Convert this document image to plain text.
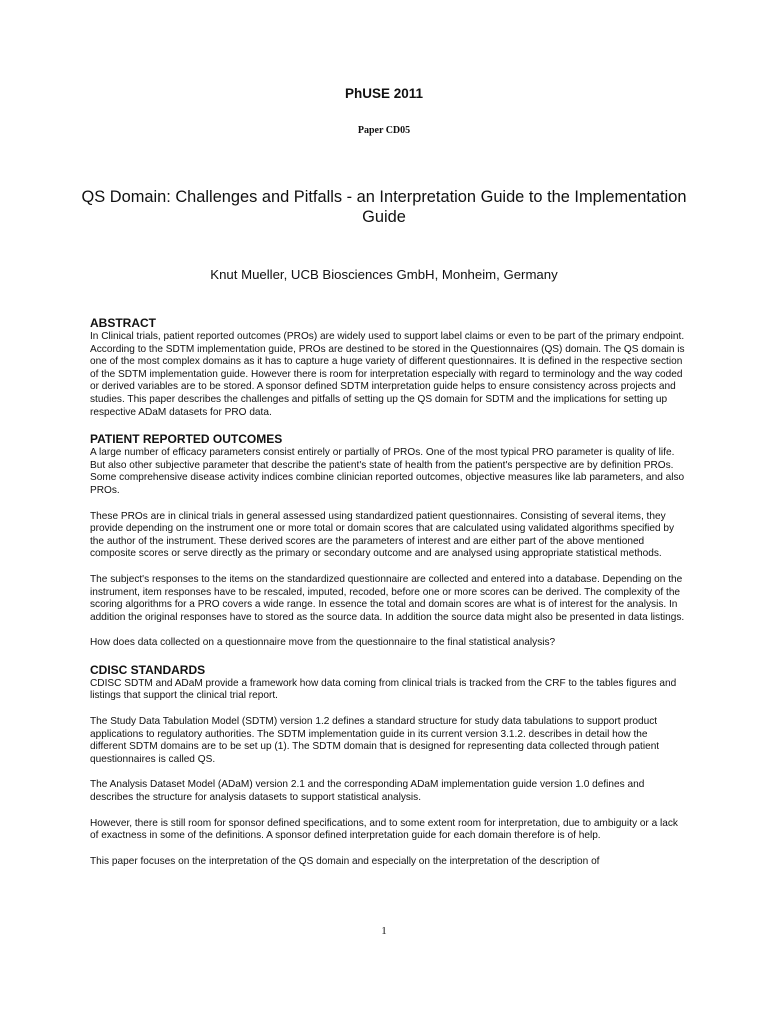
PhUSE 2011
Paper CD05
QS Domain: Challenges and Pitfalls - an Interpretation Guide to the Implementation Guide
Knut Mueller, UCB Biosciences GmbH, Monheim, Germany
ABSTRACT

In Clinical trials, patient reported outcomes (PROs) are widely used to support label claims or even to be part of the primary endpoint. According to the SDTM implementation guide, PROs are destined to be stored in the Questionnaires (QS) domain. The QS domain is one of the most complex domains as it has to capture a huge variety of different questionnaires. It is defined in the respective section of the SDTM implementation guide. However there is room for interpretation especially with regard to terminology and the way coded or derived variables are to be stored. A sponsor defined SDTM interpretation guide helps to ensure consistency across projects and studies. This paper describes the challenges and pitfalls of setting up the QS domain for SDTM and the implications for setting up respective ADaM datasets for PRO data.

PATIENT REPORTED OUTCOMES

A large number of efficacy parameters consist entirely or partially of PROs. One of the most typical PRO parameter is quality of life. But also other subjective parameter that describe the patient's state of health from the patient's perspective are by definition PROs. Some comprehensive disease activity indices combine clinician reported outcomes, objective measures like lab parameters, and also PROs.

These PROs are in clinical trials in general assessed using standardized patient questionnaires. Consisting of several items, they provide depending on the instrument one or more total or domain scores that are calculated using validated algorithms specified by the author of the instrument. These derived scores are the parameters of interest and are either part of the above mentioned composite scores or serve directly as the primary or secondary outcome and are analysed using appropriate statistical methods.

The subject's responses to the items on the standardized questionnaire are collected and entered into a database. Depending on the instrument, item responses have to be rescaled, imputed, recoded, before one or more scores can be derived. The complexity of the scoring algorithms for a PRO covers a wide range. In essence the total and domain scores are what is of interest for the analysis. In addition the original responses have to stored as the source data. In addition the source data might also be presented in data listings.

How does data collected on a questionnaire move from the questionnaire to the final statistical analysis?

CDISC STANDARDS

CDISC SDTM and ADaM provide a framework how data coming from clinical trials is tracked from the CRF to the tables figures and listings that support the clinical trial report.

The Study Data Tabulation Model (SDTM) version 1.2 defines a standard structure for study data tabulations to support product applications to regulatory authorities. The SDTM implementation guide in its current version 3.1.2. describes in detail how the different SDTM domains are to be set up (1). The SDTM domain that is designed for representing data collected through patient questionnaires is called QS.

The Analysis Dataset Model (ADaM) version 2.1 and the corresponding ADaM implementation guide version 1.0 defines and describes the structure for analysis datasets to support statistical analysis.

However, there is still room for sponsor defined specifications, and to some extent room for interpretation, due to ambiguity or a lack of exactness in some of the definitions. A sponsor defined interpretation guide for each domain therefore is of help.

This paper focuses on the interpretation of the QS domain and especially on the interpretation of the description of

1
